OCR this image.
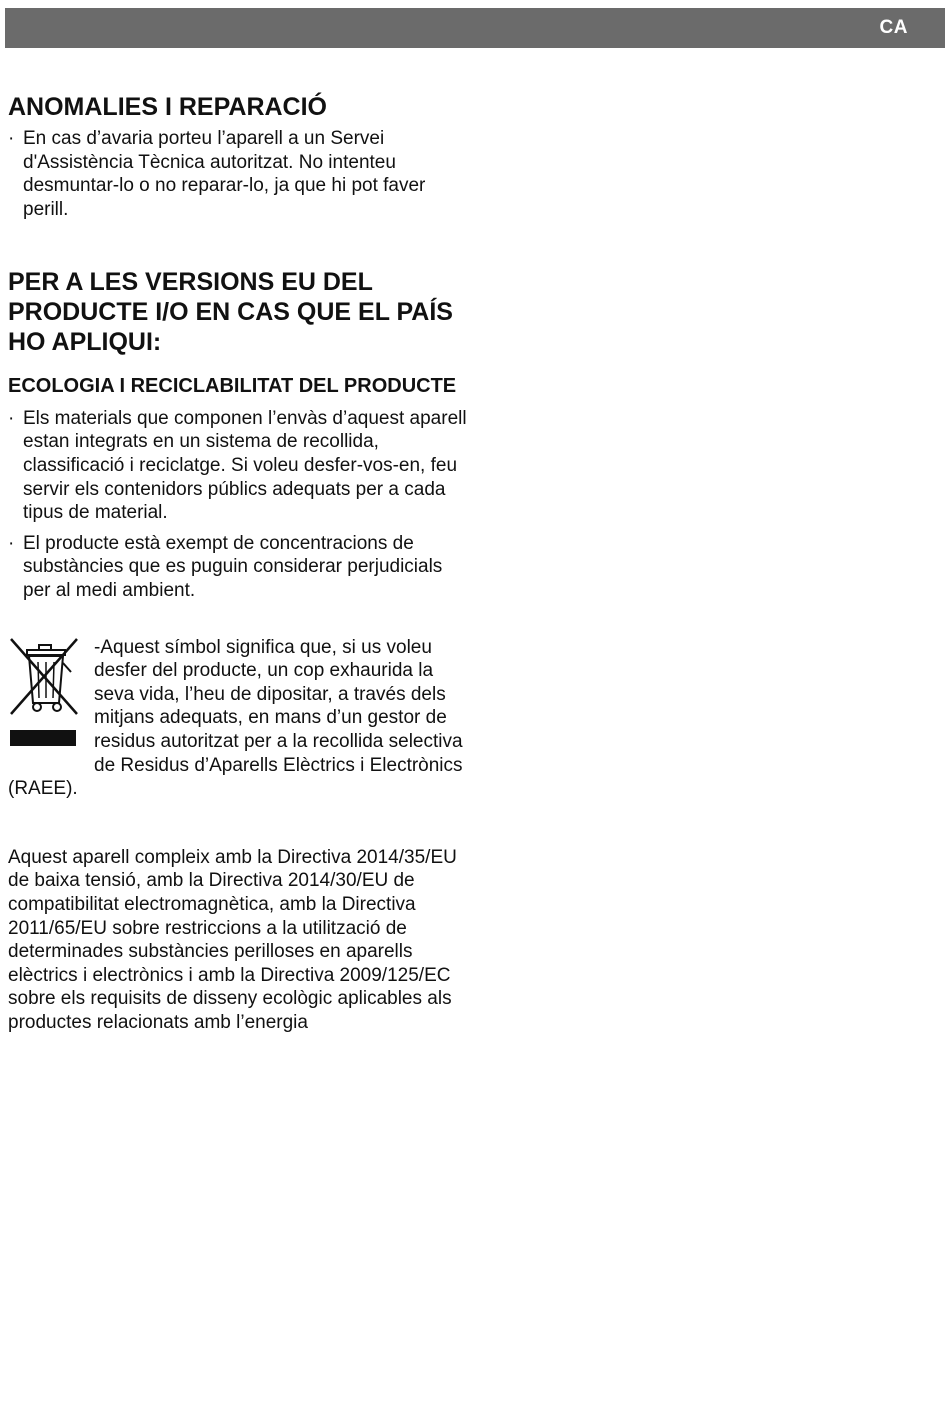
CA
ANOMALIES I REPARACIÓ
· En cas d’avaria porteu l’aparell a un Servei d'Assistència Tècnica autoritzat. No intenteu desmuntar-lo o no reparar-lo, ja que hi pot faver perill.
PER A LES VERSIONS EU DEL PRODUCTE I/O EN CAS QUE EL PAÍS HO APLIQUI:
ECOLOGIA I RECICLABILITAT DEL PRODUCTE
· Els materials que componen l’envàs d’aquest aparell estan integrats en un sistema de recollida, classificació i reciclatge. Si voleu desfer-vos-en, feu servir els contenidors públics adequats per a cada tipus de material.
· El producte està exempt de concentracions de substàncies que es puguin considerar perjudicials per al medi ambient.
-Aquest símbol significa que, si us voleu desfer del producte, un cop exhaurida la seva vida, l’heu de dipositar, a través dels mitjans adequats, en mans d’un gestor de residus autoritzat per a la recollida selectiva de Residus d’Aparells Elèctrics i Electrònics (RAEE).

Aquest aparell compleix amb la Directiva 2014/35/EU de baixa tensió, amb la Directiva 2014/30/EU de compatibilitat electromagnètica, amb la Directiva 2011/65/EU sobre restriccions a la utilització de determinades substàncies perilloses en aparells elèctrics i electrònics i amb la Directiva 2009/125/EC sobre els requisits de disseny ecològic aplicables als productes relacionats amb l’energia
